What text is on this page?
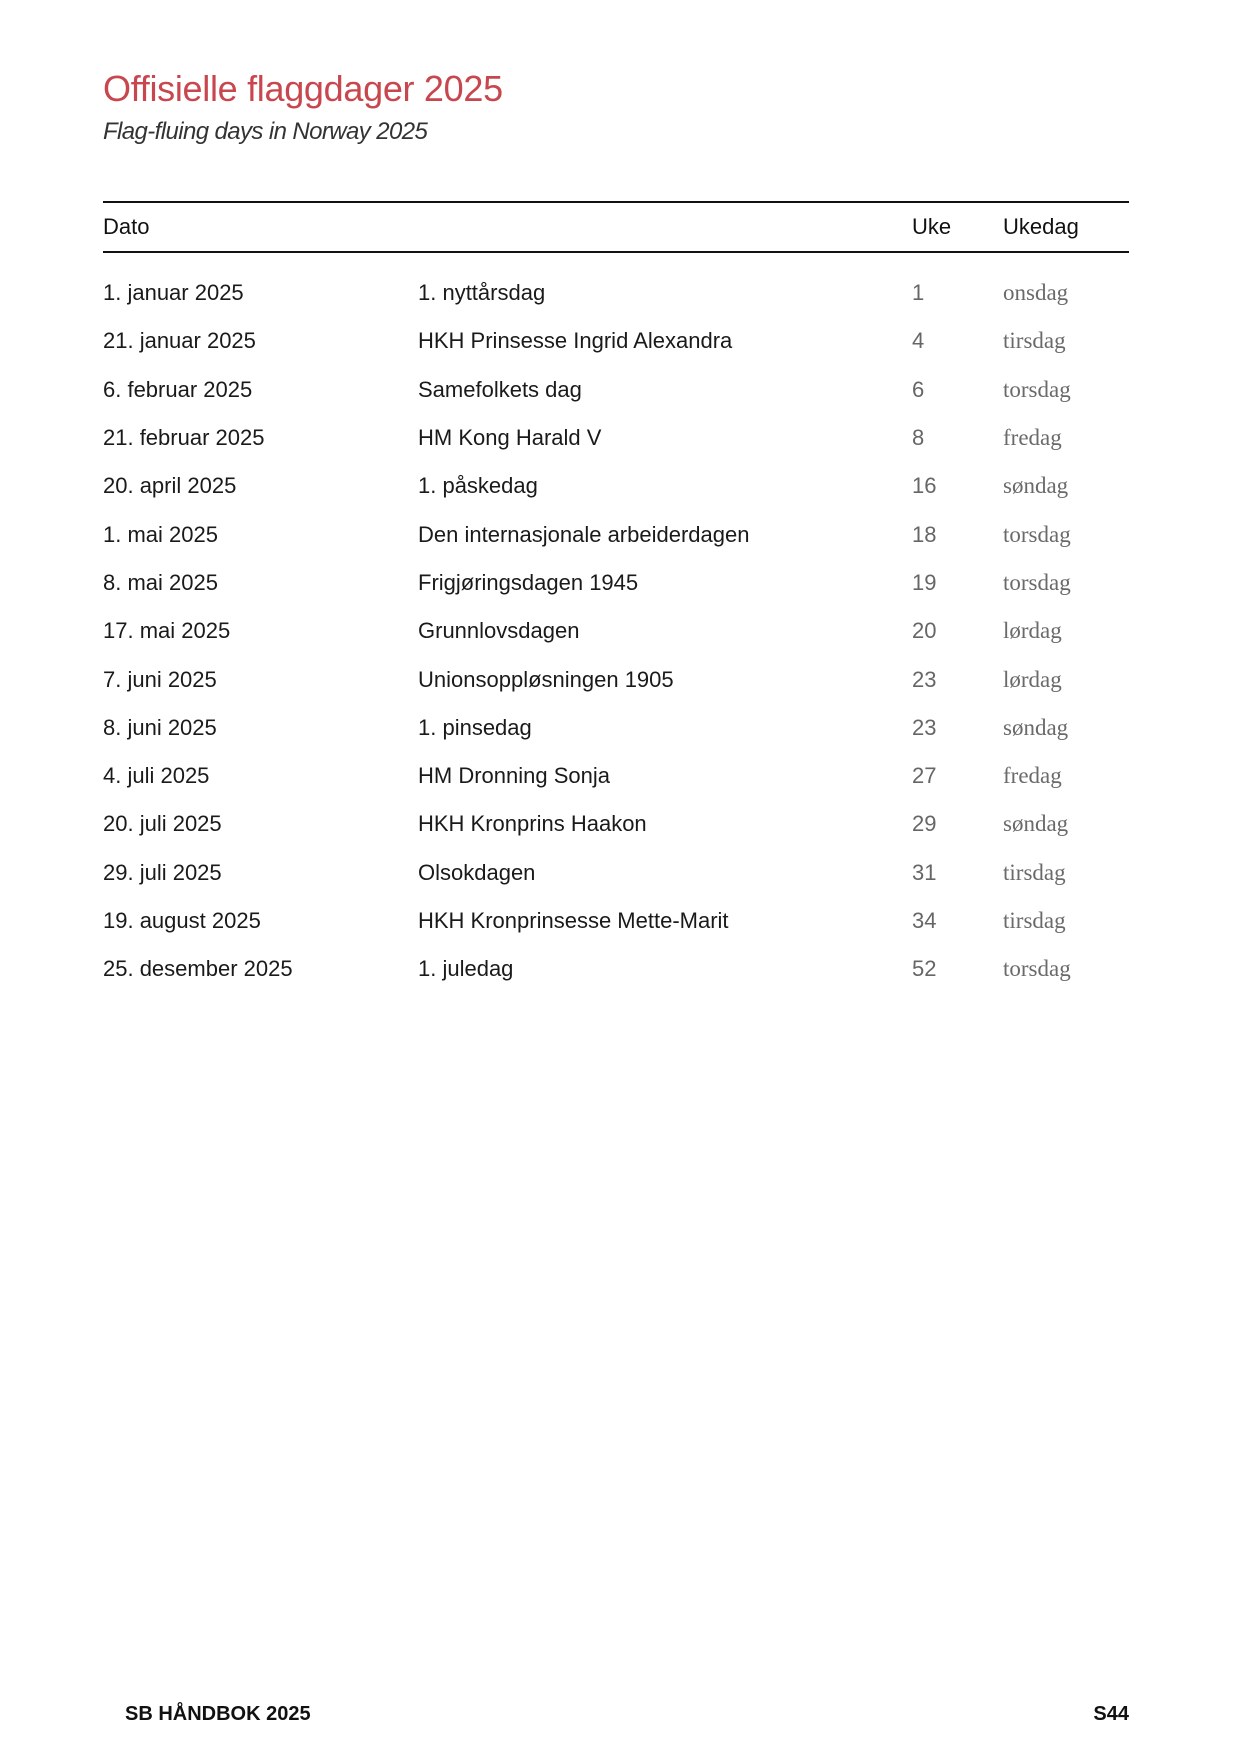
Offisielle flaggdager 2025

Flag-fluing days in Norway 2025

Dato		Uke	Ukedag
1. januar 2025	1. nyttårsdag	1	onsdag
21. januar 2025	HKH Prinsesse Ingrid Alexandra	4	tirsdag
6. februar 2025	Samefolkets dag	6	torsdag
21. februar 2025	HM Kong Harald V	8	fredag
20. april 2025	1. påskedag	16	søndag
1. mai 2025	Den internasjonale arbeiderdagen	18	torsdag
8. mai 2025	Frigjøringsdagen 1945	19	torsdag
17. mai 2025	Grunnlovsdagen	20	lørdag
7. juni 2025	Unionsoppløsningen 1905	23	lørdag
8. juni 2025	1. pinsedag	23	søndag
4. juli 2025	HM Dronning Sonja	27	fredag
20. juli 2025	HKH Kronprins Haakon	29	søndag
29. juli 2025	Olsokdagen	31	tirsdag
19. august 2025	HKH Kronprinsesse Mette-Marit	34	tirsdag
25. desember 2025	1. juledag	52	torsdag
SB HÅNDBOK 2025	S44
